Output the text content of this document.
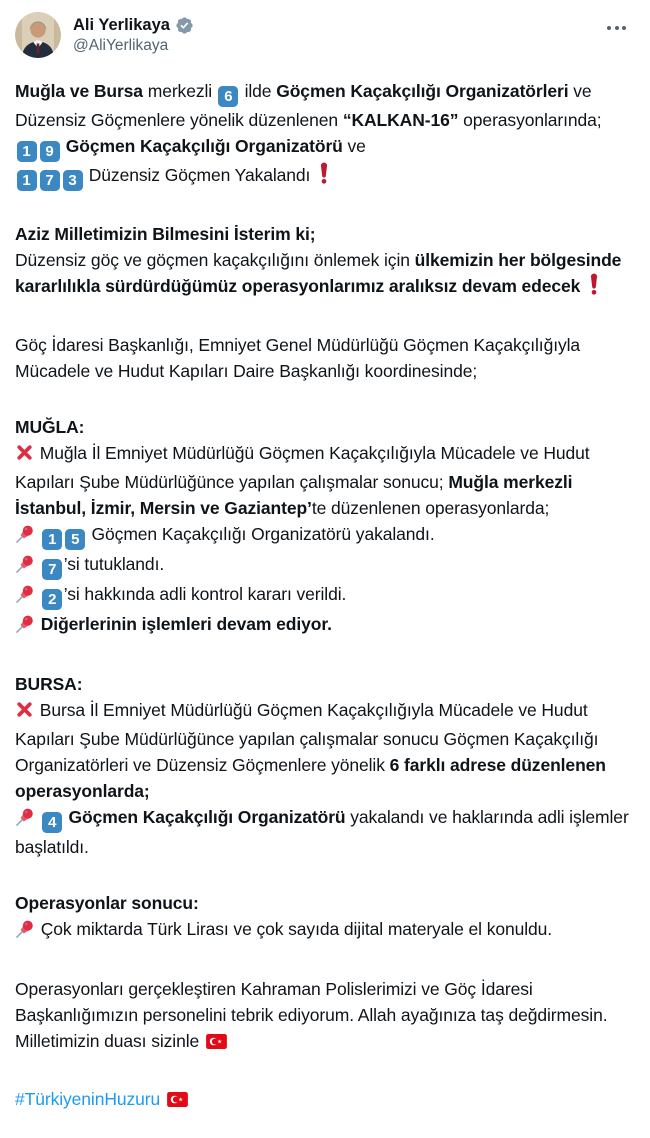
Ali Yerlikaya
@AliYerlikaya
Muğla ve Bursa merkezli 6 ilde Göçmen Kaçakçılığı Organizatörleri ve Düzensiz Göçmenlere yönelik düzenlenen “KALKAN-16” operasyonlarında;
1 9 Göçmen Kaçakçılığı Organizatörü ve
1 7 3 Düzensiz Göçmen Yakalandı
Aziz Milletimizin Bilmesini İsterim ki;
Düzensiz göç ve göçmen kaçakçılığını önlemek için ülkemizin her bölgesinde kararlılıkla sürdürdüğümüz operasyonlarımız aralıksız devam edecek
Göç İdaresi Başkanlığı, Emniyet Genel Müdürlüğü Göçmen Kaçakçılığıyla Mücadele ve Hudut Kapıları Daire Başkanlığı koordinesinde;
MUĞLA:
Muğla İl Emniyet Müdürlüğü Göçmen Kaçakçılığıyla Mücadele ve Hudut Kapıları Şube Müdürlüğünce yapılan çalışmalar sonucu; Muğla merkezli İstanbul, İzmir, Mersin ve Gaziantep’te düzenlenen operasyonlarda;
1 5 Göçmen Kaçakçılığı Organizatörü yakalandı.
7 ’si tutuklandı.
2 ’si hakkında adli kontrol kararı verildi.
Diğerlerinin işlemleri devam ediyor.
BURSA:
Bursa İl Emniyet Müdürlüğü Göçmen Kaçakçılığıyla Mücadele ve Hudut Kapıları Şube Müdürlüğünce yapılan çalışmalar sonucu Göçmen Kaçakçılığı Organizatörleri ve Düzensiz Göçmenlere yönelik 6 farklı adrese düzenlenen operasyonlarda;
4 Göçmen Kaçakçılığı Organizatörü yakalandı ve haklarında adli işlemler başlatıldı.
Operasyonlar sonucu:
Çok miktarda Türk Lirası ve çok sayıda dijital materyale el konuldu.
Operasyonları gerçekleştiren Kahraman Polislerimizi ve Göç İdaresi Başkanlığımızın personelini tebrik ediyorum. Allah ayağınıza taş değdirmesin. Milletimizin duası sizinle
#TürkiyeninHuzuru
